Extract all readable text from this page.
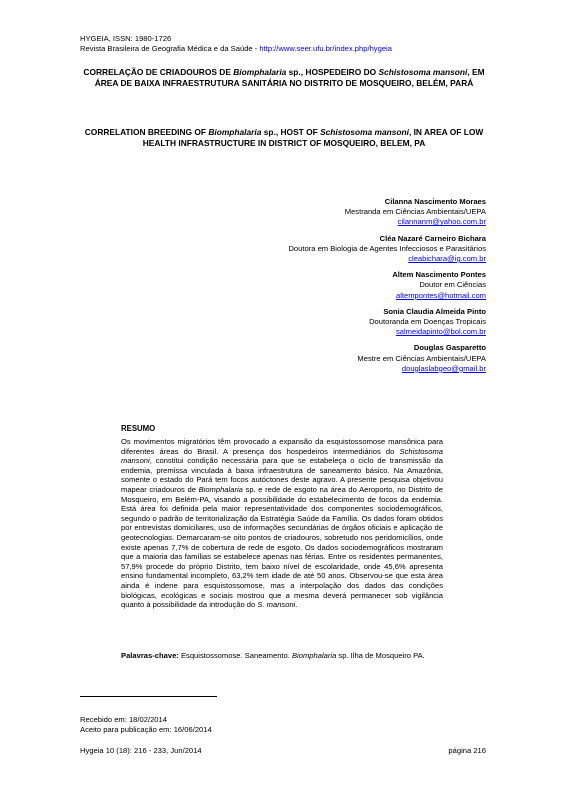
HYGEIA, ISSN: 1980-1726
Revista Brasileira de Geografia Médica e da Saúde - http://www.seer.ufu.br/index.php/hygeia
CORRELAÇÃO DE CRIADOUROS DE Biomphalaria sp., HOSPEDEIRO DO Schistosoma mansoni, EM ÁREA DE BAIXA INFRAESTRUTURA SANITÁRIA NO DISTRITO DE MOSQUEIRO, BELÉM, PARÁ
CORRELATION BREEDING OF Biomphalaria sp., HOST OF Schistosoma mansoni, IN AREA OF LOW HEALTH INFRASTRUCTURE IN DISTRICT OF MOSQUEIRO, BELEM, PA
Cilanna Nascimento Moraes
Mestranda em Ciências Ambientais/UEPA
cilannanm@yahoo.com.br
Cléa Nazaré Carneiro Bichara
Doutora em Biologia de Agentes Infecciosos e Parasitários
cleabichara@ig.com.br
Altem Nascimento Pontes
Doutor em Ciências
altempontes@hotmail.com
Sonia Claudia Almeida Pinto
Doutoranda em Doenças Tropicais
salmeidapinto@bol.com.br
Douglas Gasparetto
Mestre em Ciências Ambientais/UEPA
douglaslabgeo@gmail.br
RESUMO

Os movimentos migratórios têm provocado a expansão da esquistossomose mansônica para diferentes áreas do Brasil. A presença dos hospedeiros intermediários do Schistosoma mansoni, constitui condição necessária para que se estabeleça o ciclo de transmissão da endemia, premissa vinculada à baixa infraestrutura de saneamento básico. Na Amazônia, somente o estado do Pará tem focos autóctones deste agravo. A presente pesquisa objetivou mapear criadouros de Biomphalaria sp. e rede de esgoto na área do Aeroporto, no Distrito de Mosqueiro, em Belém-PA, visando a possibilidade do estabelecimento de focos da endemia. Está área foi definida pela maior representatividade dos componentes sociodemográficos, segundo o padrão de territorialização da Estratégia Saúde da Família. Os dados foram obtidos por entrevistas domiciliares, uso de informações secundárias de órgãos oficiais e aplicação de geotecnologias. Demarcaram-se oito pontos de criadouros, sobretudo nos peridomicílios, onde existe apenas 7,7% de cobertura de rede de esgoto. Os dados sociodemográficos mostraram que a maioria das famílias se estabelece apenas nas férias. Entre os residentes permanentes, 57,9% procede do próprio Distrito, tem baixo nível de escolaridade, onde 45,6% apresenta ensino fundamental incompleto, 63,2% tem idade de até 50 anos. Observou-se que esta área ainda é indene para esquistossomose, mas a interpolação dos dados das condições biológicas, ecológicas e sociais mostrou que a mesma deverá permanecer sob vigilância quanto à possibilidade da introdução do S. mansoni.

Palavras-chave: Esquistossomose. Saneamento. Biomphalaria sp. Ilha de Mosqueiro PA.
Recebido em: 18/02/2014
Aceito para publicação em: 16/06/2014
Hygeia 10 (18): 216 - 233, Jun/2014	página 216
